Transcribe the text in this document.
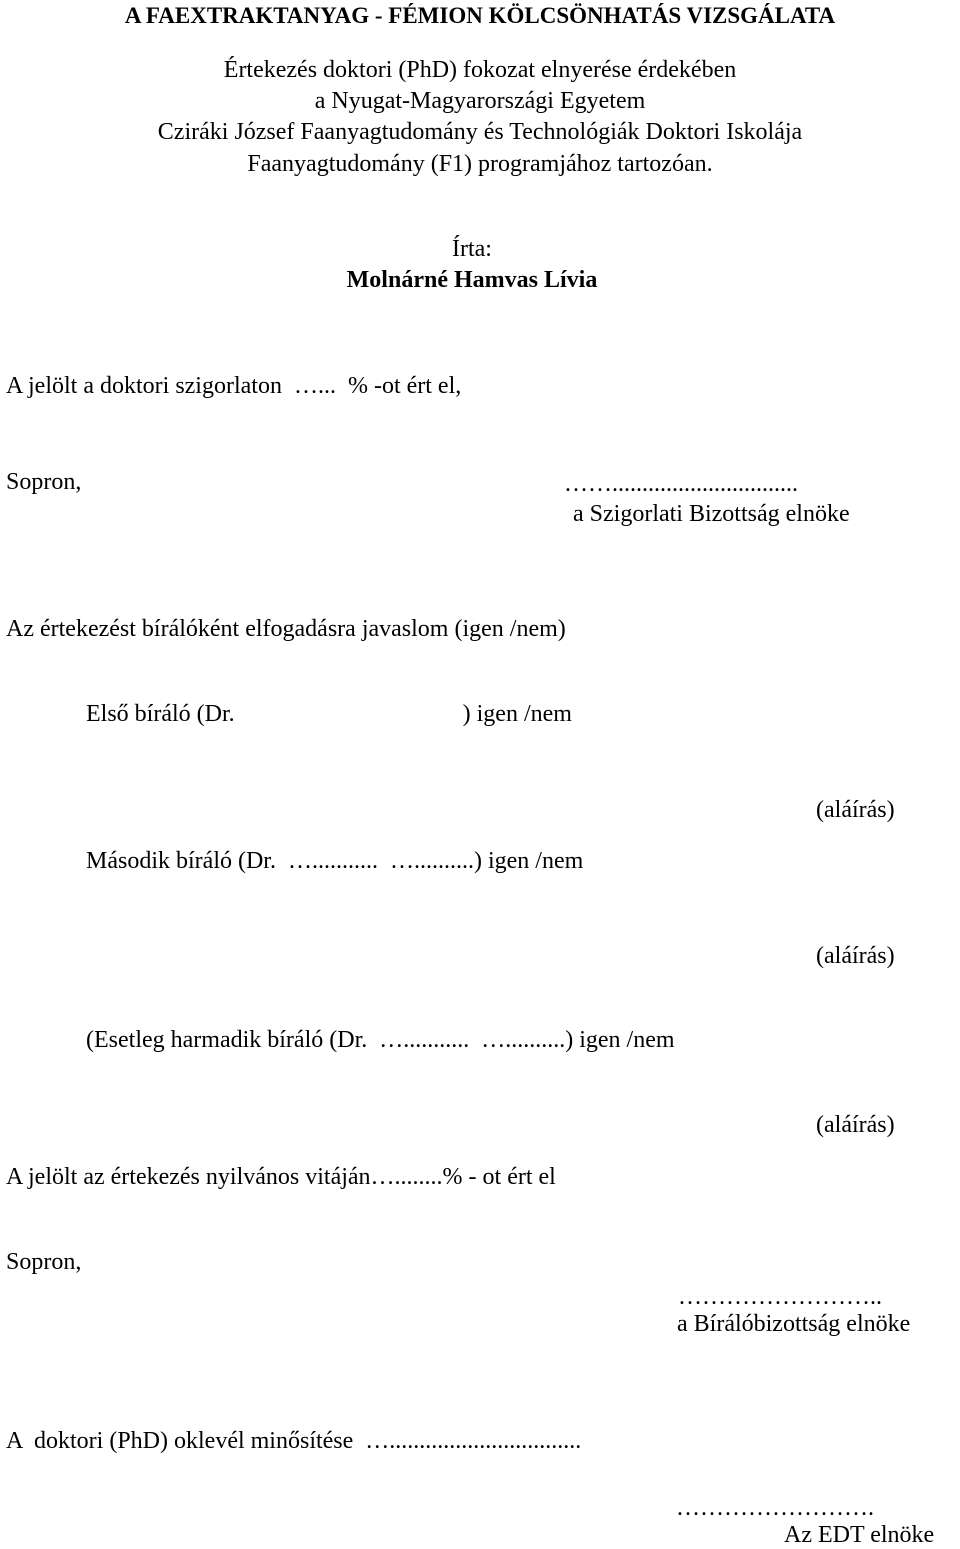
A FAEXTRAKTANYAG - FÉMION KÖLCSÖNHATÁS VIZSGÁLATA
Értekezés doktori (PhD) fokozat elnyerése érdekében
a Nyugat-Magyarországi Egyetem
Cziráki József Faanyagtudomány és Technológiák Doktori Iskolája
Faanyagtudomány (F1) programjához tartozóan.
Írta:
Molnárné Hamvas Lívia
A jelölt a doktori szigorlaton  …...  % -ot ért el,
Sopron,	……...............................
a Szigorlati Bizottság elnöke
Az értekezést bírálóként elfogadásra javaslom (igen /nem)
Első bíráló (Dr.           ) igen /nem
(aláírás)
Második bíráló (Dr.  …...........  …..........) igen /nem
(aláírás)
(Esetleg harmadik bíráló (Dr.  …...........  …..........) igen /nem
(aláírás)
A jelölt az értekezés nyilvános vitáján…........% - ot ért el
Sopron,
……………………..
a Bírálóbizottság elnöke
A  doktori (PhD) oklevél minősítése  …................................
…………………….
Az EDT elnöke
